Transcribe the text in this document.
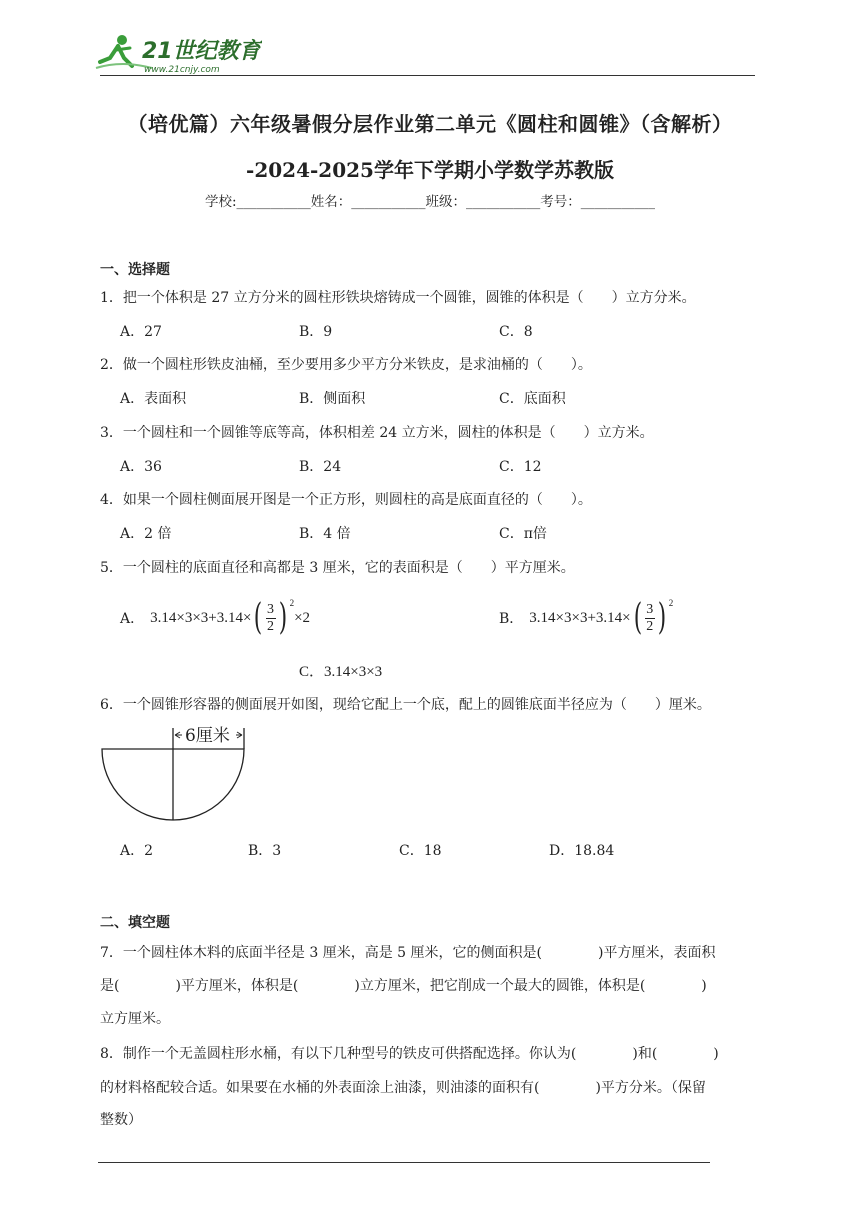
21世纪教育
www.21cnjy.com
（培优篇）六年级暑假分层作业第二单元《圆柱和圆锥》（含解析）
-2024-2025学年下学期小学数学苏教版
学校:___________姓名：___________班级：___________考号：___________
一、选择题
1．把一个体积是 27 立方分米的圆柱形铁块熔铸成一个圆锥，圆锥的体积是（　　）立方分米。
A．27	B．9	C．8
2．做一个圆柱形铁皮油桶，至少要用多少平方分米铁皮，是求油桶的（　　）。
A．表面积	B．侧面积	C．底面积
3．一个圆柱和一个圆锥等底等高，体积相差 24 立方米，圆柱的体积是（　　）立方米。
A．36	B．24	C．12
4．如果一个圆柱侧面展开图是一个正方形，则圆柱的高是底面直径的（　　）。
A．2 倍	B．4 倍	C．π倍
5．一个圆柱的底面直径和高都是 3 厘米，它的表面积是（　　）平方厘米。
A． 3.14×3×3+3.14× ( 3
2 ) 2
×2	B． 3.14×3×3+3.14× ( 3
2 ) 2
C．3.14×3×3
6．一个圆锥形容器的侧面展开如图，现给它配上一个底，配上的圆锥底面半径应为（　　）厘米。
6厘米
A．2	B．3	C．18	D．18.84
二、填空题
7．一个圆柱体木料的底面半径是 3 厘米，高是 5 厘米，它的侧面积是(　　　　)平方厘米，表面积
是(　　　　)平方厘米，体积是(　　　　)立方厘米，把它削成一个最大的圆锥，体积是(　　　　)
立方厘米。
8．制作一个无盖圆柱形水桶，有以下几种型号的铁皮可供搭配选择。你认为(　　　　)和(　　　　)
的材料格配较合适。如果要在水桶的外表面涂上油漆，则油漆的面积有(　　　　)平方分米。（保留
整数）
